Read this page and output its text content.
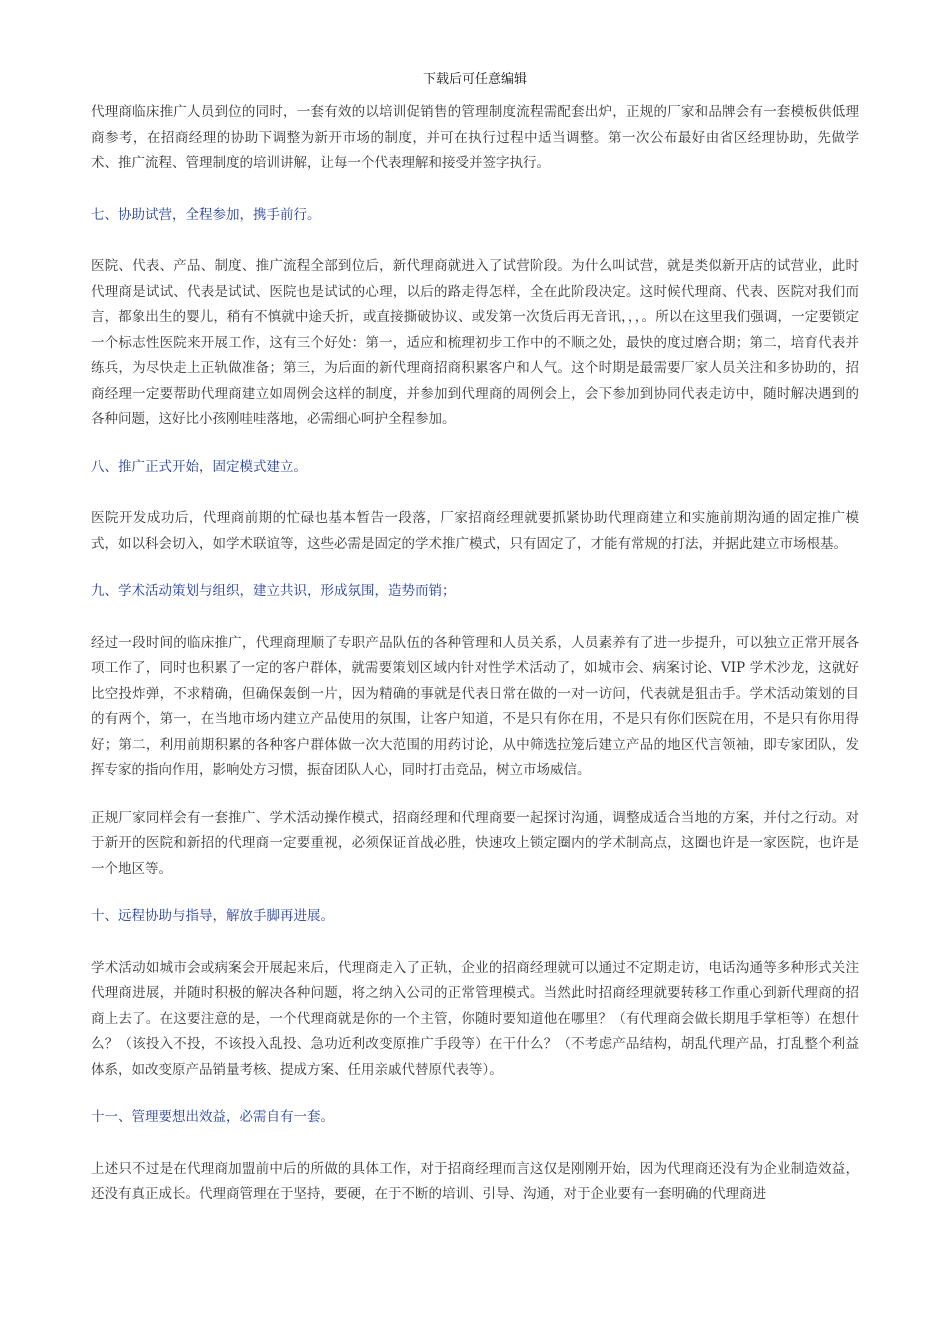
下载后可任意编辑

代理商临床推广人员到位的同时，一套有效的以培训促销售的管理制度流程需配套出炉，正规的厂家和品牌会有一套模板供低理商参考，在招商经理的协助下调整为新开市场的制度，并可在执行过程中适当调整。第一次公布最好由省区经理协助，先做学术、推广流程、管理制度的培训讲解，让每一个代表理解和接受并签字执行。

七、协助试营，全程参加，携手前行。

医院、代表、产品、制度、推广流程全部到位后，新代理商就进入了试营阶段。为什么叫试营，就是类似新开店的试营业，此时代理商是试试、代表是试试、医院也是试试的心理，以后的路走得怎样，全在此阶段决定。这时候代理商、代表、医院对我们而言，都象出生的婴儿，稍有不慎就中途夭折，或直接撕破协议、或发第一次货后再无音讯，，，。所以在这里我们强调，一定要锁定一个标志性医院来开展工作，这有三个好处：第一，适应和梳理初步工作中的不顺之处，最快的度过磨合期；第二，培育代表并练兵，为尽快走上正轨做准备；第三，为后面的新代理商招商积累客户和人气。这个时期是最需要厂家人员关注和多协助的，招商经理一定要帮助代理商建立如周例会这样的制度，并参加到代理商的周例会上，会下参加到协同代表走访中，随时解决遇到的各种问题，这好比小孩刚哇哇落地，必需细心呵护全程参加。

八、推广正式开始，固定模式建立。

医院开发成功后，代理商前期的忙碌也基本暂告一段落，厂家招商经理就要抓紧协助代理商建立和实施前期沟通的固定推广模式，如以科会切入，如学术联谊等，这些必需是固定的学术推广模式，只有固定了，才能有常规的打法，并据此建立市场根基。

九、学术活动策划与组织，建立共识，形成氛围，造势而销；

经过一段时间的临床推广，代理商理顺了专职产品队伍的各种管理和人员关系，人员素养有了进一步提升，可以独立正常开展各项工作了，同时也积累了一定的客户群体，就需要策划区域内针对性学术活动了，如城市会、病案讨论、VIP 学术沙龙，这就好比空投炸弹，不求精确，但确保轰倒一片，因为精确的事就是代表日常在做的一对一访问，代表就是狙击手。学术活动策划的目的有两个，第一，在当地市场内建立产品使用的氛围，让客户知道，不是只有你在用，不是只有你们医院在用，不是只有你用得好；第二，利用前期积累的各种客户群体做一次大范围的用药讨论，从中筛选拉笼后建立产品的地区代言领袖，即专家团队，发挥专家的指向作用，影响处方习惯，振奋团队人心，同时打击竞品，树立市场威信。

正规厂家同样会有一套推广、学术活动操作模式，招商经理和代理商要一起探讨沟通，调整成适合当地的方案，并付之行动。对于新开的医院和新招的代理商一定要重视，必须保证首战必胜，快速攻上锁定圈内的学术制高点，这圈也许是一家医院，也许是一个地区等。

十、远程协助与指导，解放手脚再进展。

学术活动如城市会或病案会开展起来后，代理商走入了正轨，企业的招商经理就可以通过不定期走访，电话沟通等多种形式关注代理商进展，并随时积极的解决各种问题，将之纳入公司的正常管理模式。当然此时招商经理就要转移工作重心到新代理商的招商上去了。在这要注意的是，一个代理商就是你的一个主管，你随时要知道他在哪里？（有代理商会做长期甩手掌柜等）在想什么？（该投入不投，不该投入乱投、急功近利改变原推广手段等）在干什么？（不考虑产品结构，胡乱代理产品，打乱整个利益体系，如改变原产品销量考核、提成方案、任用亲戚代替原代表等）。

十一、管理要想出效益，必需自有一套。

上述只不过是在代理商加盟前中后的所做的具体工作，对于招商经理而言这仅是刚刚开始，因为代理商还没有为企业制造效益，还没有真正成长。代理商管理在于坚持，要硬，在于不断的培训、引导、沟通，对于企业要有一套明确的代理商进
